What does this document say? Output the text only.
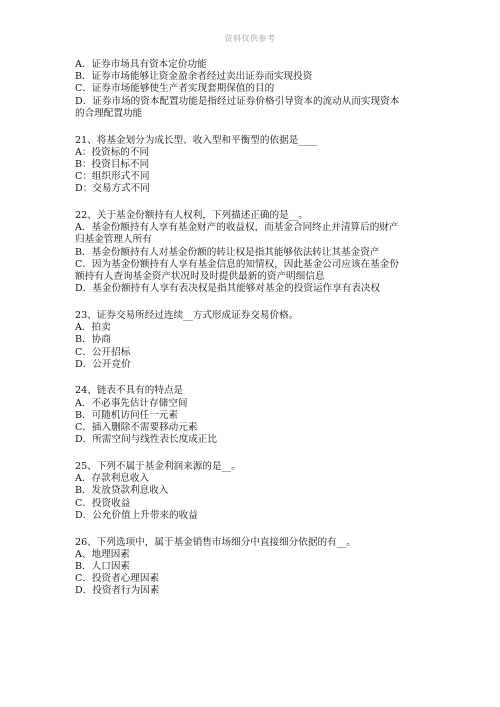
资料仅供参考
A．证券市场具有资本定价功能
B．证券市场能够让资金盈余者经过卖出证券而实现投资
C．证券市场能够使生产者实现套期保值的目的
D．证券市场的资本配置功能是指经过证券价格引导资本的流动从而实现资本
的合理配置功能
21、将基金划分为成长型、收入型和平衡型的依据是____
A：投资标的不同
B：投资目标不同
C：组织形式不同
D：交易方式不同
22、关于基金份额持有人权利，下列描述正确的是__。
A．基金份额持有人享有基金财产的收益权，而基金合同终止并清算后的财产
归基金管理人所有
B．基金份额持有人对基金份额的转让权是指其能够依法转让其基金资产
C．因为基金份额持有人享有基金信息的知情权，因此基金公司应该在基金份
额持有人查询基金资产状况时及时提供最新的资产明细信息
D．基金份额持有人享有表决权是指其能够对基金的投资运作享有表决权
23、证券交易所经过连续__方式形成证券交易价格。
A．拍卖
B．协商
C．公开招标
D．公开竞价
24、链表不具有的特点是
A．不必事先估计存储空间
B．可随机访问任一元素
C．插入删除不需要移动元素
D．所需空间与线性表长度成正比
25、下列不属于基金利润来源的是__。
A．存款利息收入
B．发放贷款利息收入
C．投资收益
D．公允价值上升带来的收益
26、下列选项中，属于基金销售市场细分中直接细分依据的有__。
A、地理因素
B．人口因素
C．投资者心理因素
D．投资者行为因素
